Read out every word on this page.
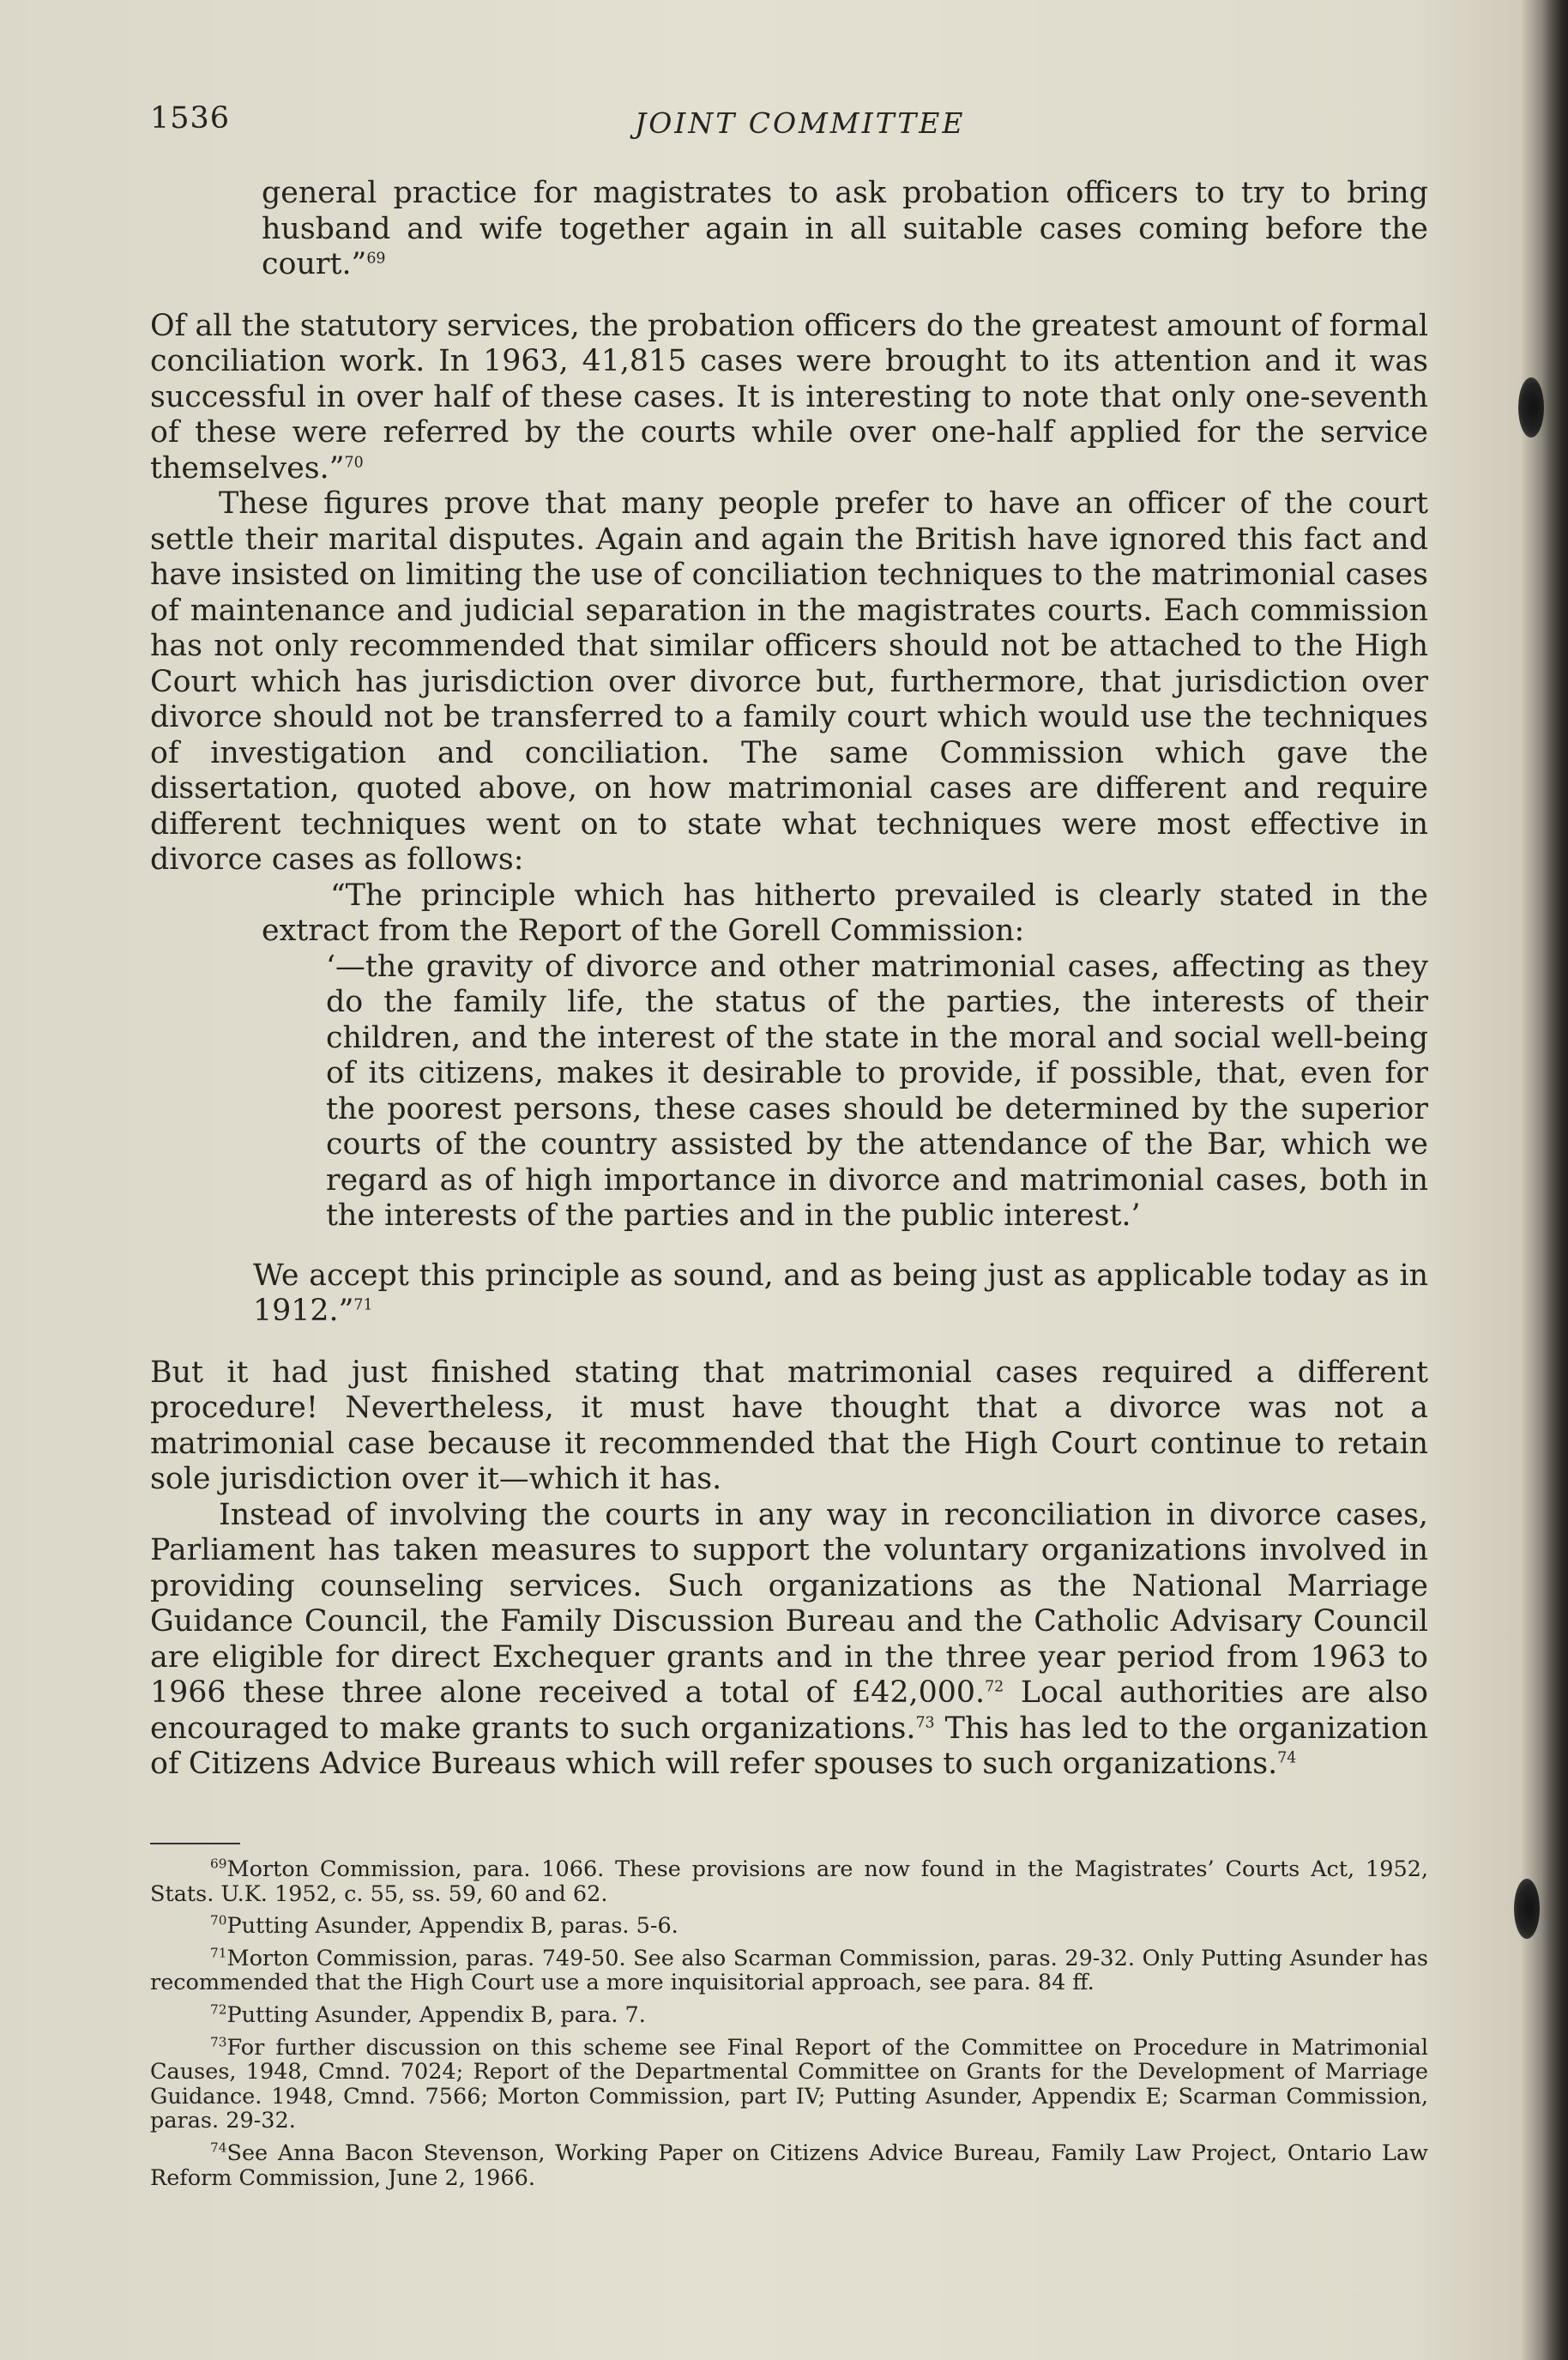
1536	JOINT COMMITTEE

general practice for magistrates to ask probation officers to try to bring husband and wife together again in all suitable cases coming before the court.”$^{69}$

Of all the statutory services, the probation officers do the greatest amount of formal conciliation work. In 1963, 41,815 cases were brought to its attention and it was successful in over half of these cases. It is interesting to note that only one-seventh of these were referred by the courts while over one-half applied for the service themselves.”$^{70}$

These figures prove that many people prefer to have an officer of the court settle their marital disputes. Again and again the British have ignored this fact and have insisted on limiting the use of conciliation techniques to the matrimonial cases of maintenance and judicial separation in the magistrates courts. Each commission has not only recommended that similar officers should not be attached to the High Court which has jurisdiction over divorce but, furthermore, that jurisdiction over divorce should not be transferred to a family court which would use the techniques of investigation and conciliation. The same Commission which gave the dissertation, quoted above, on how matrimonial cases are different and require different techniques went on to state what techniques were most effective in divorce cases as follows:

“The principle which has hitherto prevailed is clearly stated in the extract from the Report of the Gorell Commission:

‘—the gravity of divorce and other matrimonial cases, affecting as they do the family life, the status of the parties, the interests of their children, and the interest of the state in the moral and social well-being of its citizens, makes it desirable to provide, if possible, that, even for the poorest persons, these cases should be determined by the superior courts of the country assisted by the attendance of the Bar, which we regard as of high importance in divorce and matrimonial cases, both in the interests of the parties and in the public interest.’

We accept this principle as sound, and as being just as applicable today as in 1912.”$^{71}$

But it had just finished stating that matrimonial cases required a different procedure! Nevertheless, it must have thought that a divorce was not a matrimonial case because it recommended that the High Court continue to retain sole jurisdiction over it—which it has.

Instead of involving the courts in any way in reconciliation in divorce cases, Parliament has taken measures to support the voluntary organizations involved in providing counseling services. Such organizations as the National Marriage Guidance Council, the Family Discussion Bureau and the Catholic Advisary Council are eligible for direct Exchequer grants and in the three year period from 1963 to 1966 these three alone received a total of £42,000.72 Local authorities are also encouraged to make grants to such organizations.$^{73}$ This has led to the organization of Citizens Advice Bureaus which will refer spouses to such organizations.$^{74}$

$^{69}$Morton Commission, para. 1066. These provisions are now found in the Magistrates’ Courts Act, 1952, Stats. U.K. 1952, c. 55, ss. 59, 60 and 62.

$^{70}$Putting Asunder, Appendix B, paras. 5-6.

$^{71}$Morton Commission, paras. 749-50. See also Scarman Commission, paras. 29-32. Only Putting Asunder has recommended that the High Court use a more inquisitorial approach, see para. 84 ff.

$^{72}$Putting Asunder, Appendix B, para. 7.

$^{73}$For further discussion on this scheme see Final Report of the Committee on Procedure in Matrimonial Causes, 1948, Cmnd. 7024; Report of the Departmental Committee on Grants for the Development of Marriage Guidance. 1948, Cmnd. 7566; Morton Commission, part IV; Putting Asunder, Appendix E; Scarman Commission, paras. 29-32.

$^{74}$See Anna Bacon Stevenson, Working Paper on Citizens Advice Bureau, Family Law Project, Ontario Law Reform Commission, June 2, 1966.
